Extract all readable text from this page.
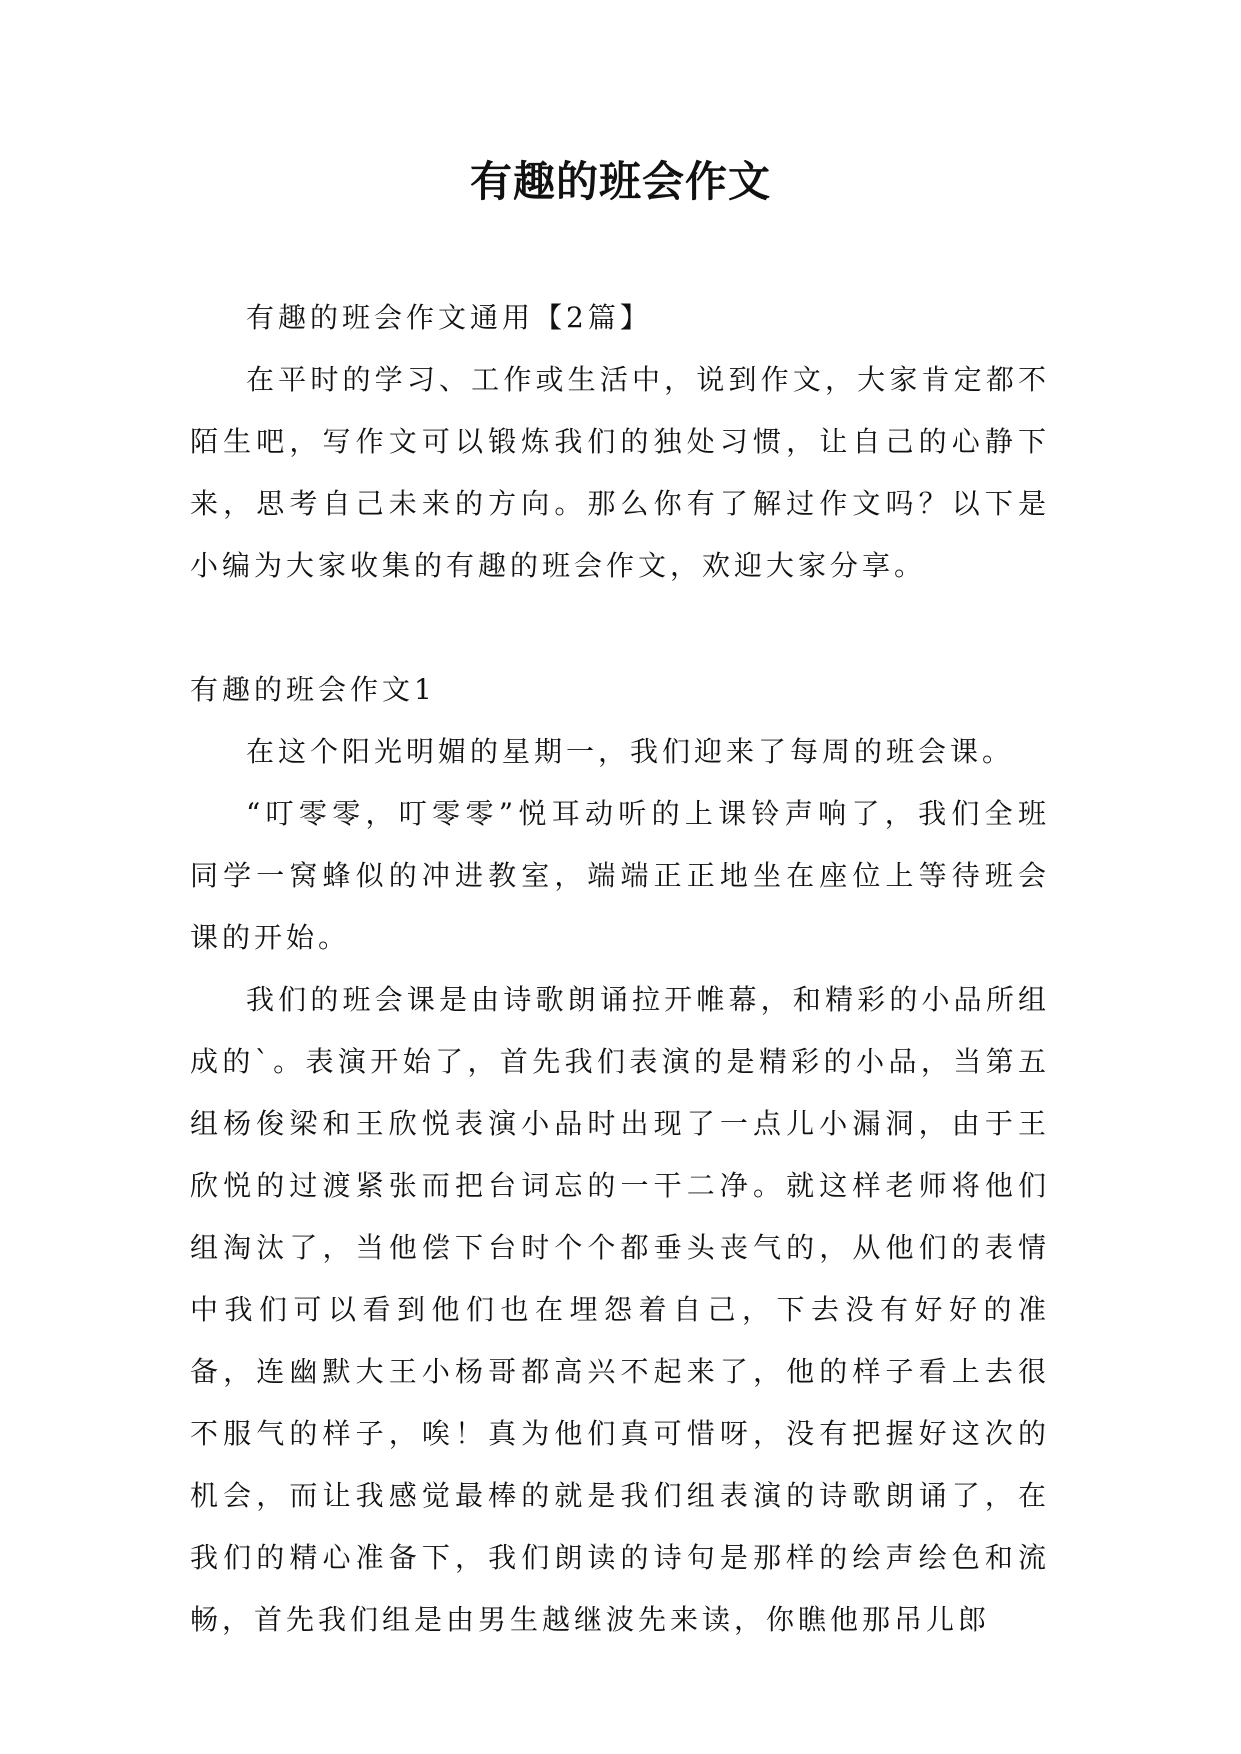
有趣的班会作文

有趣的班会作文通用【2篇】

在平时的学习、工作或生活中，说到作文，大家肯定都不陌生吧，写作文可以锻炼我们的独处习惯，让自己的心静下来，思考自己未来的方向。那么你有了解过作文吗？以下是小编为大家收集的有趣的班会作文，欢迎大家分享。

有趣的班会作文1

在这个阳光明媚的星期一，我们迎来了每周的班会课。

“叮零零，叮零零”悦耳动听的上课铃声响了，我们全班同学一窝蜂似的冲进教室，端端正正地坐在座位上等待班会课的开始。

我们的班会课是由诗歌朗诵拉开帷幕，和精彩的小品所组成的`。表演开始了，首先我们表演的是精彩的小品，当第五组杨俊梁和王欣悦表演小品时出现了一点儿小漏洞，由于王欣悦的过渡紧张而把台词忘的一干二净。就这样老师将他们组淘汰了，当他偿下台时个个都垂头丧气的，从他们的表情中我们可以看到他们也在埋怨着自己，下去没有好好的准备，连幽默大王小杨哥都高兴不起来了，他的样子看上去很不服气的样子，唉！真为他们真可惜呀，没有把握好这次的机会，而让我感觉最棒的就是我们组表演的诗歌朗诵了，在我们的精心准备下，我们朗读的诗句是那样的绘声绘色和流畅，首先我们组是由男生越继波先来读，你瞧他那吊儿郎
